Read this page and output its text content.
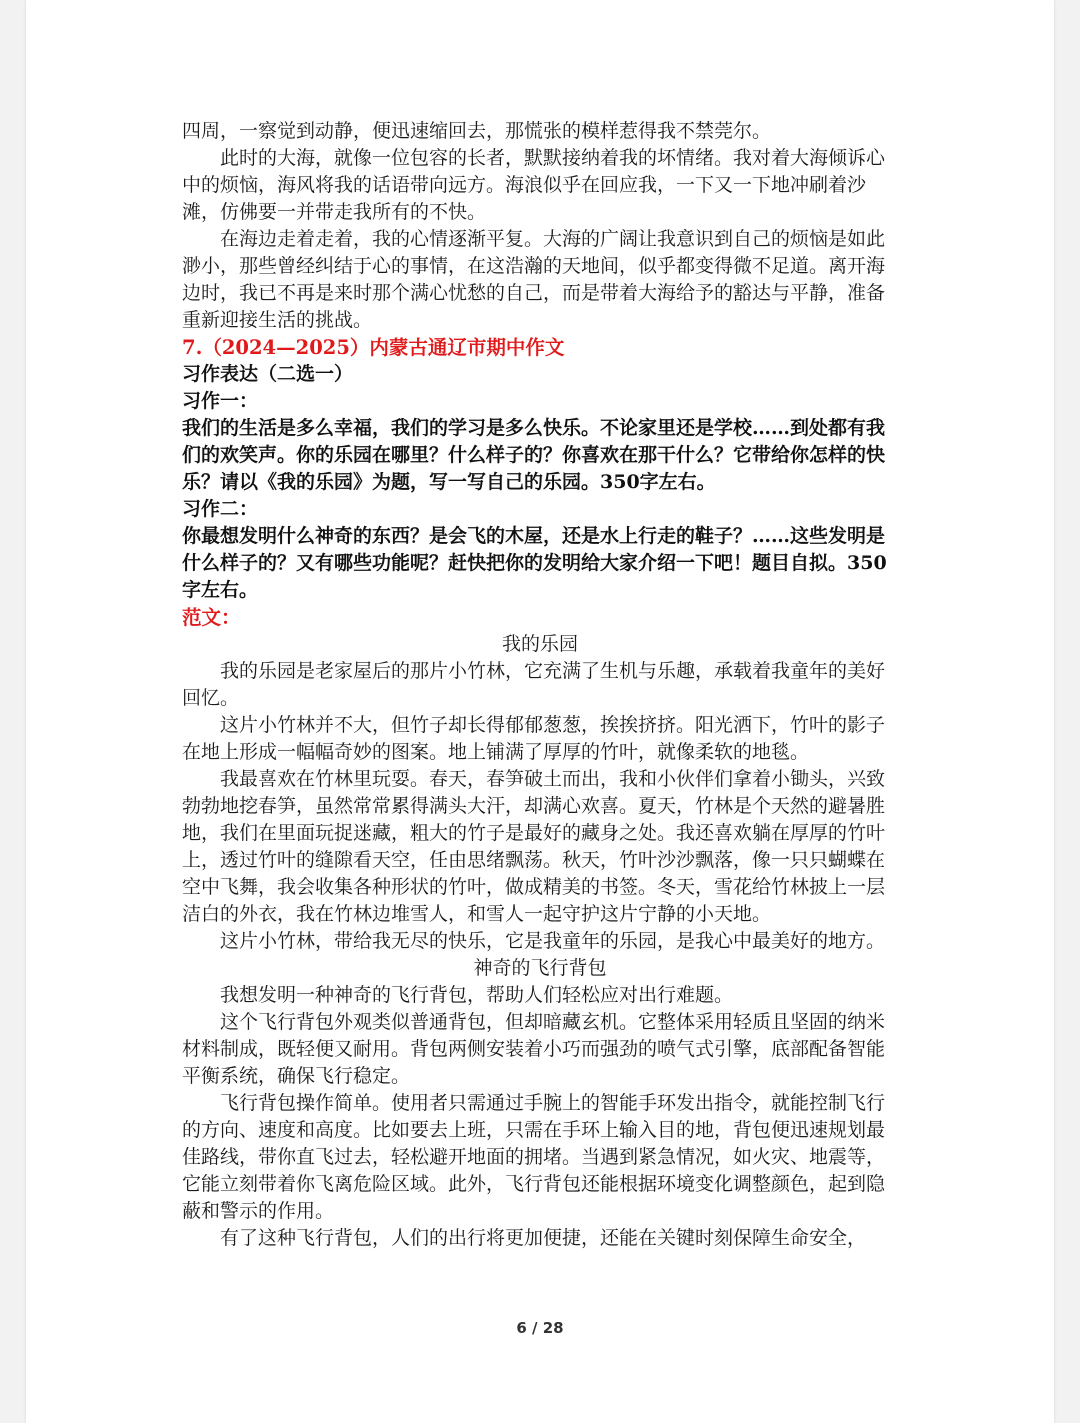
四周，一察觉到动静，便迅速缩回去，那慌张的模样惹得我不禁莞尔。

此时的大海，就像一位包容的长者，默默接纳着我的坏情绪。我对着大海倾诉心中的烦恼，海风将我的话语带向远方。海浪似乎在回应我，一下又一下地冲刷着沙滩，仿佛要一并带走我所有的不快。

在海边走着走着，我的心情逐渐平复。大海的广阔让我意识到自己的烦恼是如此渺小，那些曾经纠结于心的事情，在这浩瀚的天地间，似乎都变得微不足道。离开海边时，我已不再是来时那个满心忧愁的自己，而是带着大海给予的豁达与平静，准备重新迎接生活的挑战。

7.（2024—2025）内蒙古通辽市期中作文

习作表达（二选一）

习作一：

我们的生活是多么幸福，我们的学习是多么快乐。不论家里还是学校……到处都有我们的欢笑声。你的乐园在哪里？什么样子的？你喜欢在那干什么？它带给你怎样的快乐？请以《我的乐园》为题，写一写自己的乐园。350字左右。

习作二：

你最想发明什么神奇的东西？是会飞的木屋，还是水上行走的鞋子？……这些发明是什么样子的？又有哪些功能呢？赶快把你的发明给大家介绍一下吧！题目自拟。350字左右。

范文：

我的乐园

我的乐园是老家屋后的那片小竹林，它充满了生机与乐趣，承载着我童年的美好回忆。

这片小竹林并不大，但竹子却长得郁郁葱葱，挨挨挤挤。阳光洒下，竹叶的影子在地上形成一幅幅奇妙的图案。地上铺满了厚厚的竹叶，就像柔软的地毯。

我最喜欢在竹林里玩耍。春天，春笋破土而出，我和小伙伴们拿着小锄头，兴致勃勃地挖春笋，虽然常常累得满头大汗，却满心欢喜。夏天，竹林是个天然的避暑胜地，我们在里面玩捉迷藏，粗大的竹子是最好的藏身之处。我还喜欢躺在厚厚的竹叶上，透过竹叶的缝隙看天空，任由思绪飘荡。秋天，竹叶沙沙飘落，像一只只蝴蝶在空中飞舞，我会收集各种形状的竹叶，做成精美的书签。冬天，雪花给竹林披上一层洁白的外衣，我在竹林边堆雪人，和雪人一起守护这片宁静的小天地。

这片小竹林，带给我无尽的快乐，它是我童年的乐园，是我心中最美好的地方。

神奇的飞行背包

我想发明一种神奇的飞行背包，帮助人们轻松应对出行难题。

这个飞行背包外观类似普通背包，但却暗藏玄机。它整体采用轻质且坚固的纳米材料制成，既轻便又耐用。背包两侧安装着小巧而强劲的喷气式引擎，底部配备智能平衡系统，确保飞行稳定。

飞行背包操作简单。使用者只需通过手腕上的智能手环发出指令，就能控制飞行的方向、速度和高度。比如要去上班，只需在手环上输入目的地，背包便迅速规划最佳路线，带你直飞过去，轻松避开地面的拥堵。当遇到紧急情况，如火灾、地震等，它能立刻带着你飞离危险区域。此外，飞行背包还能根据环境变化调整颜色，起到隐蔽和警示的作用。

有了这种飞行背包，人们的出行将更加便捷，还能在关键时刻保障生命安全，

6 / 28
